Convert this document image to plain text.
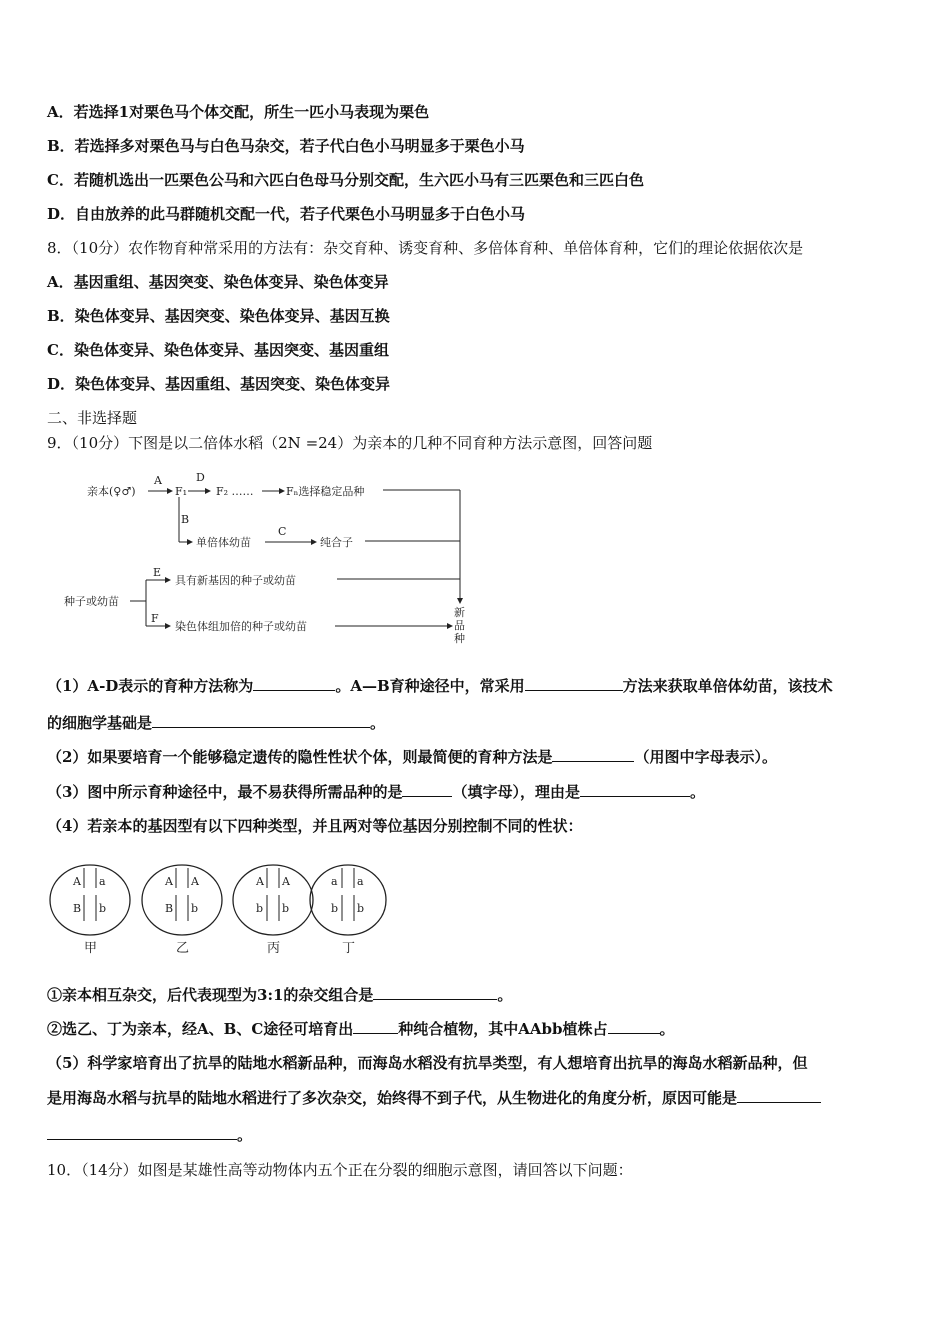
A．若选择1对栗色马个体交配，所生一匹小马表现为栗色
B．若选择多对栗色马与白色马杂交，若子代白色小马明显多于栗色小马
C．若随机选出一匹栗色公马和六匹白色母马分别交配，生六匹小马有三匹栗色和三匹白色
D．自由放养的此马群随机交配一代，若子代栗色小马明显多于白色小马
8．（10分）农作物育种常采用的方法有：杂交育种、诱变育种、多倍体育种、单倍体育种，它们的理论依据依次是
A．基因重组、基因突变、染色体变异、染色体变异
B．染色体变异、基因突变、染色体变异、基因互换
C．染色体变异、染色体变异、基因突变、基因重组
D．染色体变异、基因重组、基因突变、染色体变异
二、非选择题
9．（10分）下图是以二倍体水稻（2N =24）为亲本的几种不同育种方法示意图，回答问题
亲本(♀♂)
A
F₁
D
F₂ ……	Fₙ选择稳定品种
B
单倍体幼苗
C
纯合子
种子或幼苗
E
具有新基因的种子或幼苗
F
染色体组加倍的种子或幼苗
新
品
种
（1）A-D表示的育种方法称为	。A—B育种途径中，常采用	方法来获取单倍体幼苗，该技术
的细胞学基础是	。
（2）如果要培育一个能够稳定遗传的隐性性状个体，则最简便的育种方法是	（用图中字母表示）。
（3）图中所示育种途径中，最不易获得所需品种的是	（填字母），理由是	。
（4）若亲本的基因型有以下四种类型，并且两对等位基因分别控制不同的性状：
A a
B b
甲
A A
B b
乙
A A
b b
丙
a a
b b
丁
①亲本相互杂交，后代表现型为3:1的杂交组合是	。
②选乙、丁为亲本，经A、B、C途径可培育出	种纯合植物，其中AAbb植株占	。
（5）科学家培育出了抗旱的陆地水稻新品种，而海岛水稻没有抗旱类型，有人想培育出抗旱的海岛水稻新品种，但
是用海岛水稻与抗旱的陆地水稻进行了多次杂交，始终得不到子代，从生物进化的角度分析，原因可能是
。
10．（14分）如图是某雄性高等动物体内五个正在分裂的细胞示意图，请回答以下问题：
